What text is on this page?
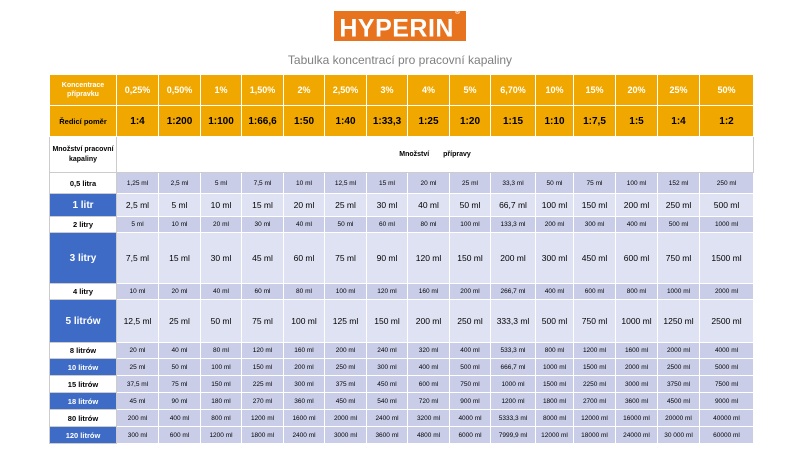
HYPERIN®
Tabulka koncentrací pro pracovní kapaliny
Koncentrace přípravku	0,25%	0,50%	1%	1,50%	2%	2,50%	3%	4%	5%	6,70%	10%	15%	20%	25%	50%
Ředicí poměr	1:4	1:200	1:100	1:66,6	1:50	1:40	1:33,3	1:25	1:20	1:15	1:10	1:7,5	1:5	1:4	1:2
Množství pracovní kapaliny	Množství přípravy														
0,5 litra	1,25 ml	2,5 ml	5 ml	7,5 ml	10 ml	12,5 ml	15 ml	20 ml	25 ml	33,3 ml	50 ml	75 ml	100 ml	152 ml	250 ml
1 litr	2,5 ml	5 ml	10 ml	15 ml	20 ml	25 ml	30 ml	40 ml	50 ml	66,7 ml	100 ml	150 ml	200 ml	250 ml	500 ml
2 litry	5 ml	10 ml	20 ml	30 ml	40 ml	50 ml	60 ml	80 ml	100 ml	133,3 ml	200 ml	300 ml	400 ml	500 ml	1000 ml
3 litry	7,5 ml	15 ml	30 ml	45 ml	60 ml	75 ml	90 ml	120 ml	150 ml	200 ml	300 ml	450 ml	600 ml	750 ml	1500 ml
4 litry	10 ml	20 ml	40 ml	60 ml	80 ml	100 ml	120 ml	160 ml	200 ml	266,7 ml	400 ml	600 ml	800 ml	1000 ml	2000 ml
5 litrów	12,5 ml	25 ml	50 ml	75 ml	100 ml	125 ml	150 ml	200 ml	250 ml	333,3 ml	500 ml	750 ml	1000 ml	1250 ml	2500 ml
8 litrów	20 ml	40 ml	80 ml	120 ml	160 ml	200 ml	240 ml	320 ml	400 ml	533,3 ml	800 ml	1200 ml	1600 ml	2000 ml	4000 ml
10 litrów	25 ml	50 ml	100 ml	150 ml	200 ml	250 ml	300 ml	400 ml	500 ml	666,7 ml	1000 ml	1500 ml	2000 ml	2500 ml	5000 ml
15 litrów	37,5 ml	75 ml	150 ml	225 ml	300 ml	375 ml	450 ml	600 ml	750 ml	1000 ml	1500 ml	2250 ml	3000 ml	3750 ml	7500 ml
18 litrów	45 ml	90 ml	180 ml	270 ml	360 ml	450 ml	540 ml	720 ml	900 ml	1200 ml	1800 ml	2700 ml	3600 ml	4500 ml	9000 ml
80 litrów	200 ml	400 ml	800 ml	1200 ml	1600 ml	2000 ml	2400 ml	3200 ml	4000 ml	5333,3 ml	8000 ml	12000 ml	16000 ml	20000 ml	40000 ml
120 litrów	300 ml	600 ml	1200 ml	1800 ml	2400 ml	3000 ml	3600 ml	4800 ml	6000 ml	7999,9 ml	12000 ml	18000 ml	24000 ml	30 000 ml	60000 ml
